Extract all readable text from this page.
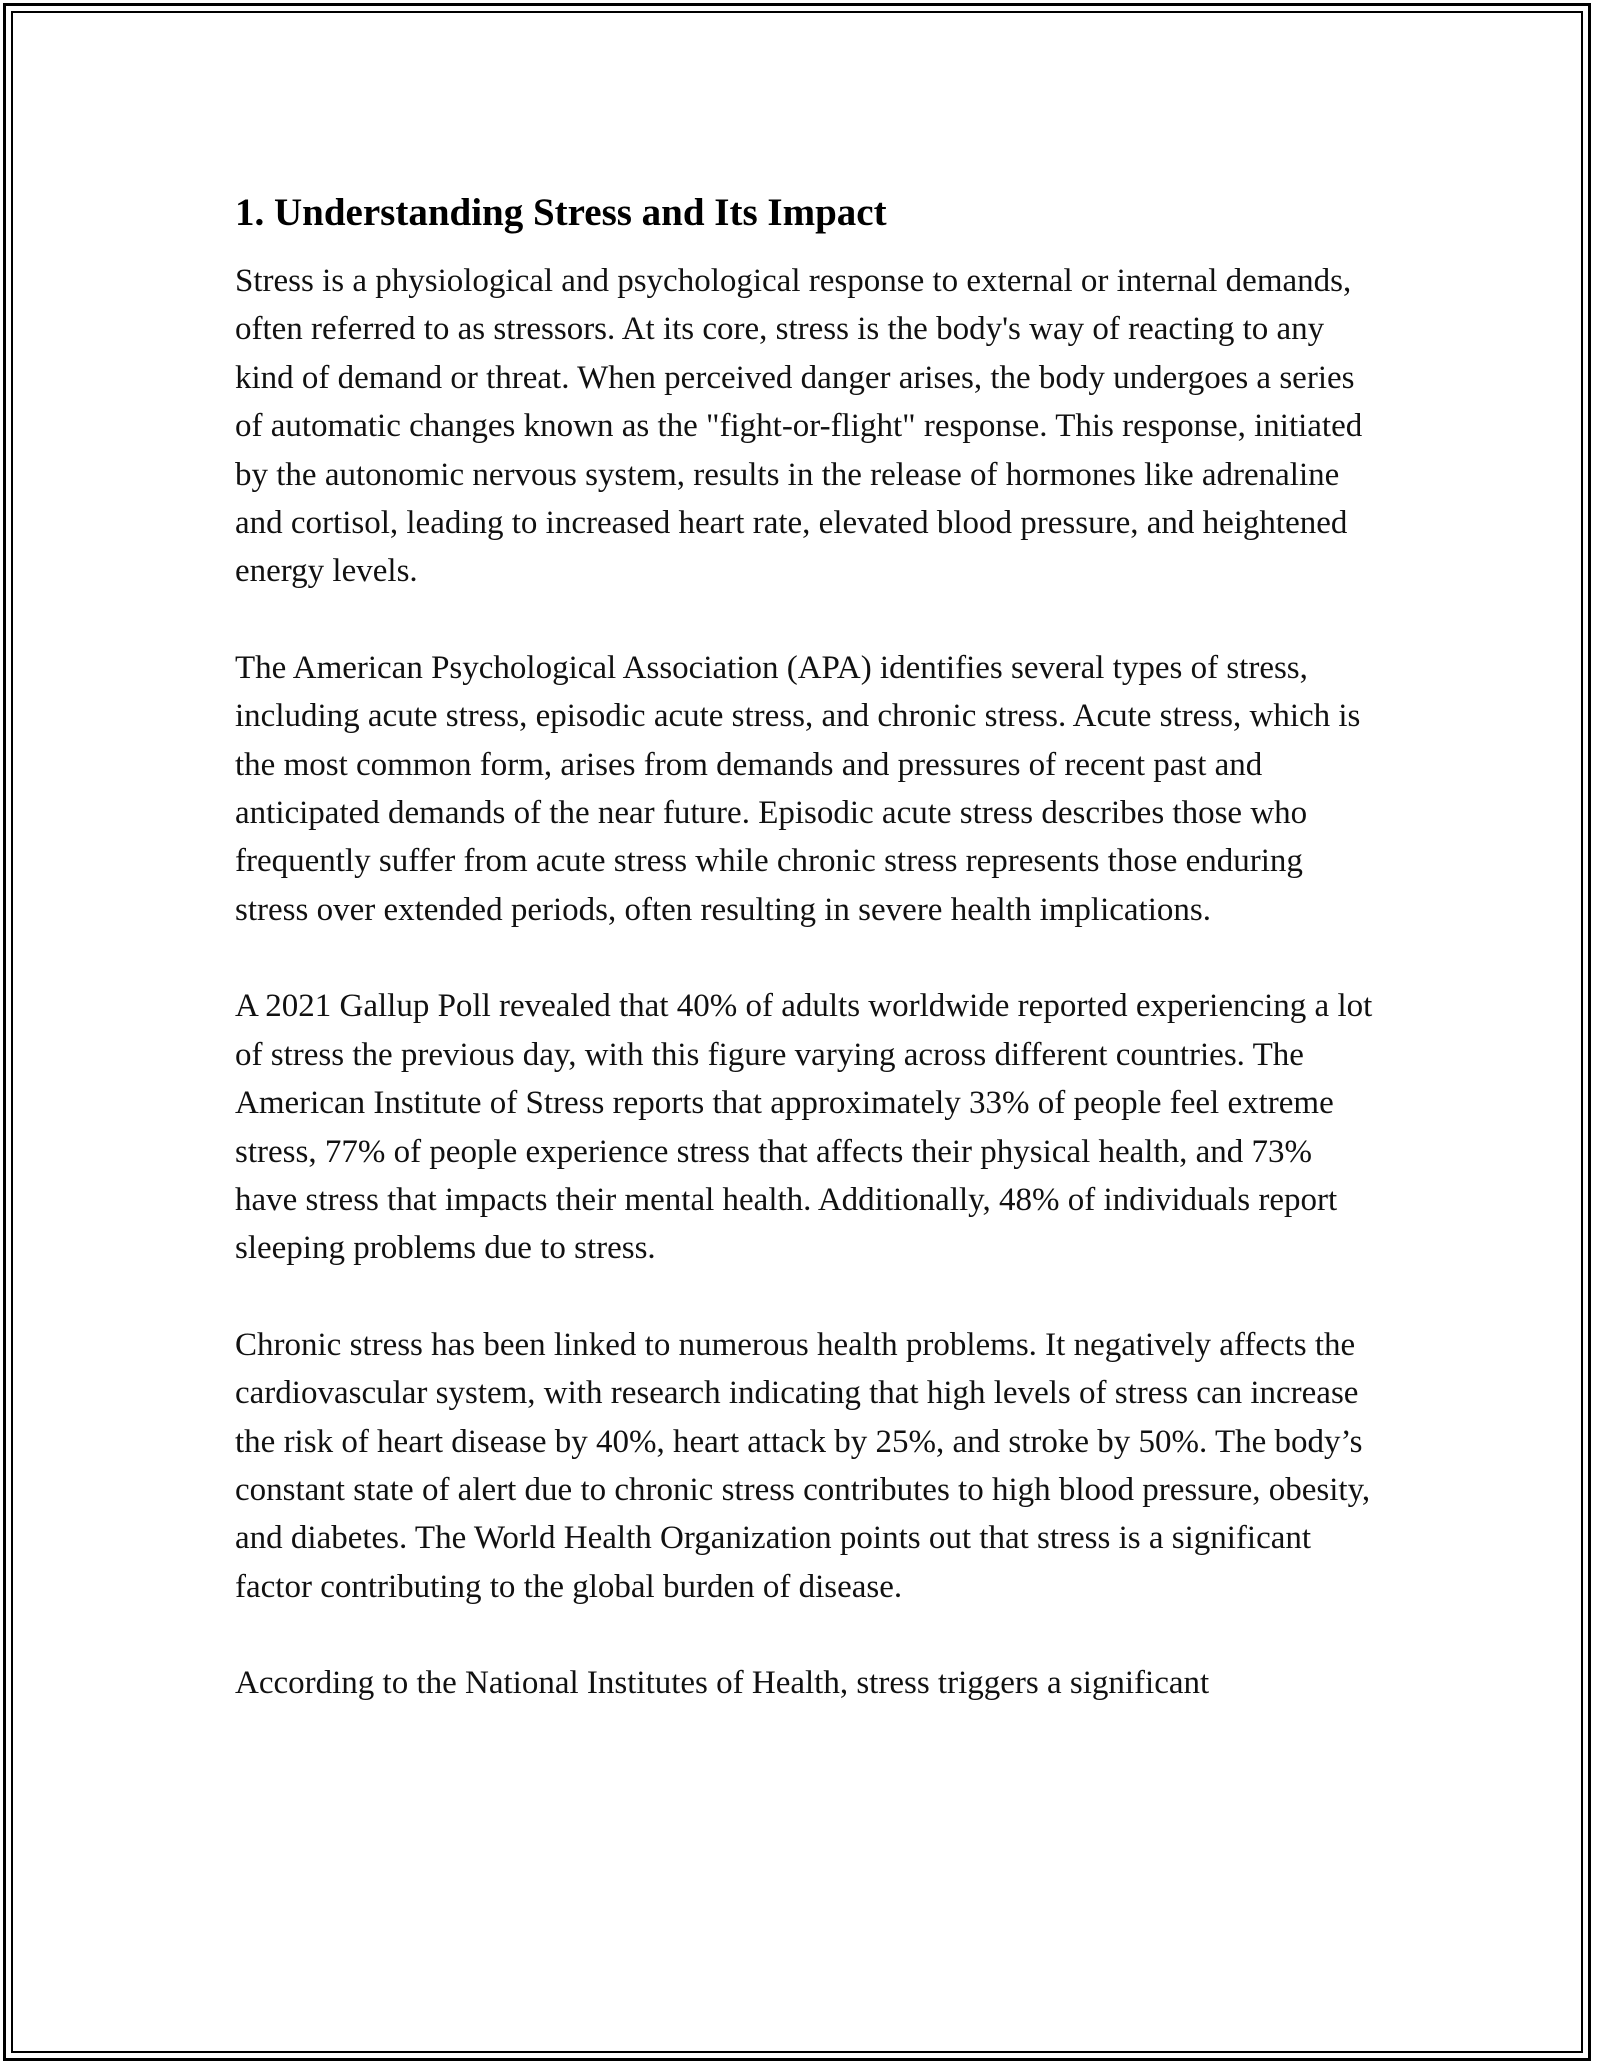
1. Understanding Stress and Its Impact

Stress is a physiological and psychological response to external or internal demands, often referred to as stressors. At its core, stress is the body's way of reacting to any kind of demand or threat. When perceived danger arises, the body undergoes a series of automatic changes known as the "fight-or-flight" response. This response, initiated by the autonomic nervous system, results in the release of hormones like adrenaline and cortisol, leading to increased heart rate, elevated blood pressure, and heightened energy levels.

The American Psychological Association (APA) identifies several types of stress, including acute stress, episodic acute stress, and chronic stress. Acute stress, which is the most common form, arises from demands and pressures of recent past and anticipated demands of the near future. Episodic acute stress describes those who frequently suffer from acute stress while chronic stress represents those enduring stress over extended periods, often resulting in severe health implications.

A 2021 Gallup Poll revealed that 40% of adults worldwide reported experiencing a lot of stress the previous day, with this figure varying across different countries. The American Institute of Stress reports that approximately 33% of people feel extreme stress, 77% of people experience stress that affects their physical health, and 73% have stress that impacts their mental health. Additionally, 48% of individuals report sleeping problems due to stress.

Chronic stress has been linked to numerous health problems. It negatively affects the cardiovascular system, with research indicating that high levels of stress can increase the risk of heart disease by 40%, heart attack by 25%, and stroke by 50%. The body’s constant state of alert due to chronic stress contributes to high blood pressure, obesity, and diabetes. The World Health Organization points out that stress is a significant factor contributing to the global burden of disease.

According to the National Institutes of Health, stress triggers a significant
